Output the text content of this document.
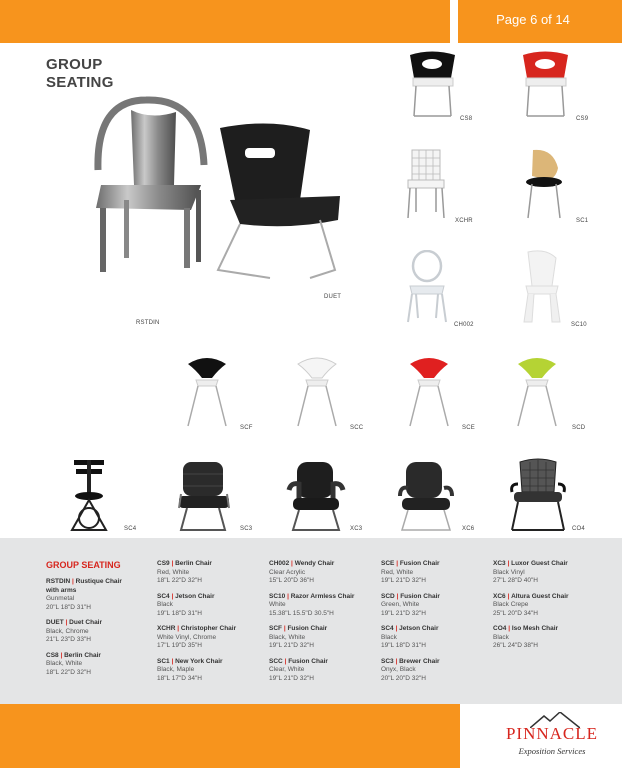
Page 6 of 14
GROUP
SEATING
RSTDIN
DUET
CS8	CS9
XCHR	SC1
CH002	SC10
SCF	SCC	SCE	SCD
SC4	SC3	XC3	XC6	CO4
GROUP SEATING
RSTDIN | Rustique Chair
with arms
Gunmetal
20"L 18"D 31"H
DUET | Duet Chair
Black, Chrome
21"L 23"D 33"H
CS8 | Berlin Chair
Black, White
18"L 22"D 32"H
CS9 | Berlin Chair
Red, White
18"L 22"D 32"H
SC4 | Jetson Chair
Black
19"L 18"D 31"H
XCHR | Christopher Chair
White Vinyl, Chrome
17"L 19"D 35"H
SC1 | New York Chair
Black, Maple
18"L 17"D 34"H
CH002 | Wendy Chair
Clear Acrylic
15"L 20"D 36"H
SC10 | Razor Armless Chair
White
15.38"L 15.5"D 30.5"H
SCF | Fusion Chair
Black, White
19"L 21"D 32"H
SCC | Fusion Chair
Clear, White
19"L 21"D 32"H
SCE | Fusion Chair
Red, White
19"L 21"D 32"H
SCD | Fusion Chair
Green, White
19"L 21"D 32"H
SC4 | Jetson Chair
Black
19"L 18"D 31"H
SC3 | Brewer Chair
Onyx, Black
20"L 20"D 32"H
XC3 | Luxor Guest Chair
Black Vinyl
27"L 28"D 40"H
XC6 | Altura Guest Chair
Black Crepe
25"L 20"D 34"H
CO4 | Iso Mesh Chair
Black
26"L 24"D 38"H
PINNACLE
Exposition Services
